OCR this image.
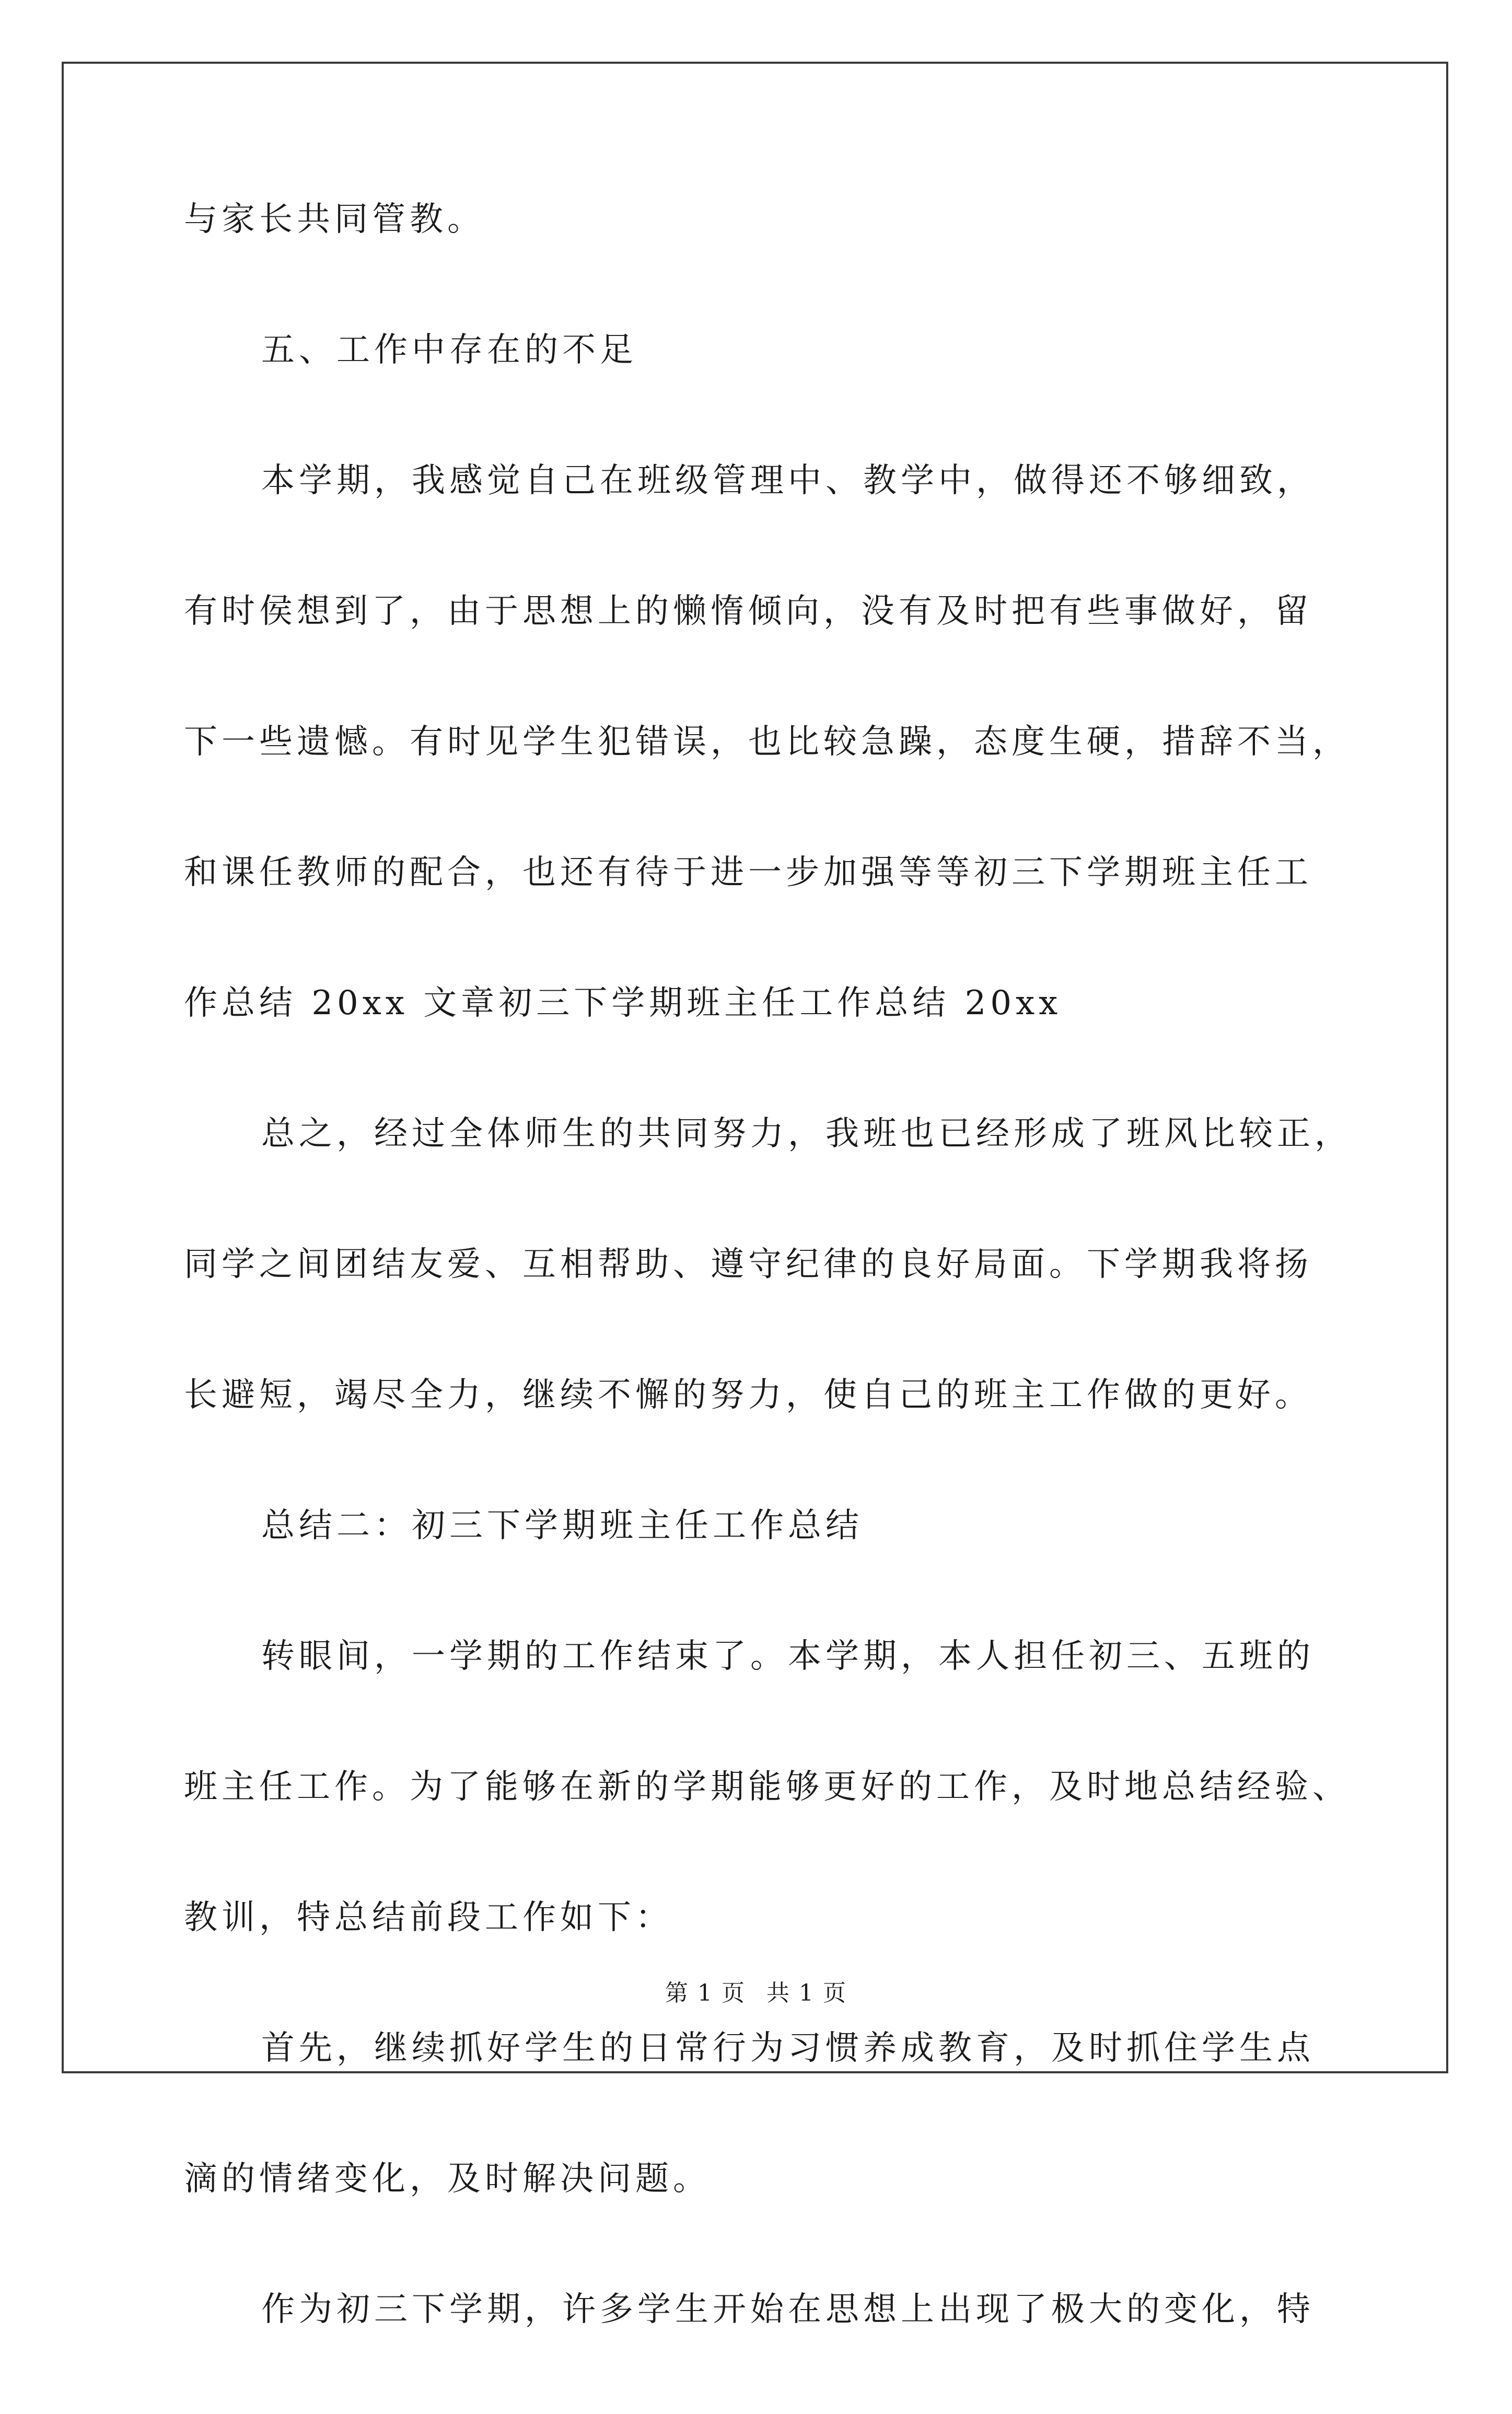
与家长共同管教。
五、工作中存在的不足
本学期，我感觉自己在班级管理中、教学中，做得还不够细致，
有时侯想到了，由于思想上的懒惰倾向，没有及时把有些事做好，留
下一些遗憾。有时见学生犯错误，也比较急躁，态度生硬，措辞不当，
和课任教师的配合，也还有待于进一步加强等等初三下学期班主任工
作总结 20xx 文章初三下学期班主任工作总结 20xx
总之，经过全体师生的共同努力，我班也已经形成了班风比较正，
同学之间团结友爱、互相帮助、遵守纪律的良好局面。下学期我将扬
长避短，竭尽全力，继续不懈的努力，使自己的班主工作做的更好。
总结二：初三下学期班主任工作总结
转眼间，一学期的工作结束了。本学期，本人担任初三、五班的
班主任工作。为了能够在新的学期能够更好的工作，及时地总结经验、
教训，特总结前段工作如下：
首先，继续抓好学生的日常行为习惯养成教育，及时抓住学生点
滴的情绪变化，及时解决问题。
作为初三下学期，许多学生开始在思想上出现了极大的变化，特
第 1 页 共 1 页
